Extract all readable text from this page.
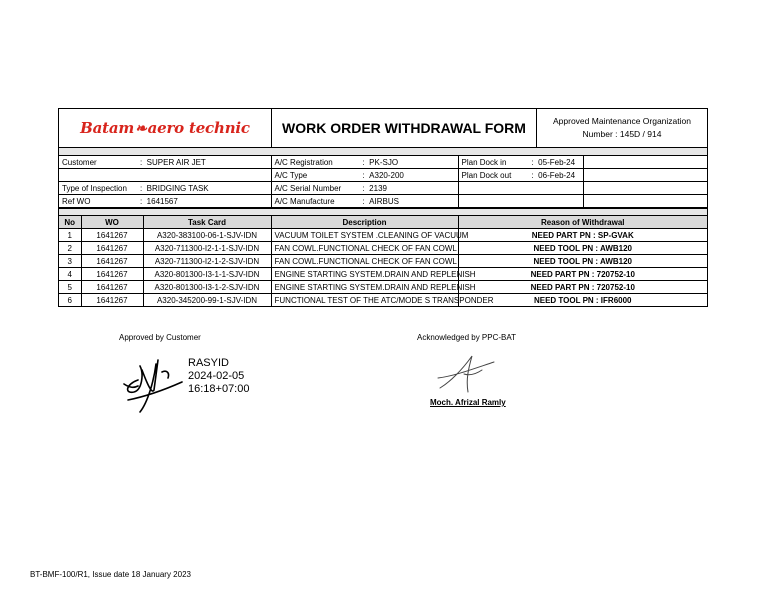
Batam❧aero technic	WORK ORDER WITHDRAWAL FORM	Approved Maintenance Organization
Number : 145D / 914
Customer :  SUPER AIR JET	A/C Registration :  PK-SJO	Plan Dock in :  05-Feb-24	
	A/C Type :  A320-200	Plan Dock out :  06-Feb-24	
Type of Inspection :  BRIDGING TASK	A/C Serial Number :  2139		
Ref WO :  1641567	A/C Manufacture :  AIRBUS		
No	WO	Task Card	Description	Reason of Withdrawal
1	1641267	A320-383100-06-1-SJV-IDN	VACUUM TOILET SYSTEM .CLEANING OF VACUUM	NEED PART PN : SP-GVAK
2	1641267	A320-711300-I2-1-1-SJV-IDN	FAN COWL.FUNCTIONAL CHECK OF FAN COWL	NEED TOOL PN : AWB120
3	1641267	A320-711300-I2-1-2-SJV-IDN	FAN COWL.FUNCTIONAL CHECK OF FAN COWL	NEED TOOL PN : AWB120
4	1641267	A320-801300-I3-1-1-SJV-IDN	ENGINE STARTING SYSTEM.DRAIN AND REPLENISH	NEED PART PN : 720752-10
5	1641267	A320-801300-I3-1-2-SJV-IDN	ENGINE STARTING SYSTEM.DRAIN AND REPLENISH	NEED PART PN : 720752-10
6	1641267	A320-345200-99-1-SJV-IDN	FUNCTIONAL TEST OF THE ATC/MODE S TRANSPONDER	NEED TOOL PN : IFR6000
Approved by Customer
RASYID
2024-02-05
16:18+07:00
Acknowledged by PPC-BAT
Moch. Afrizal Ramly
BT-BMF-100/R1, Issue date 18 January 2023
